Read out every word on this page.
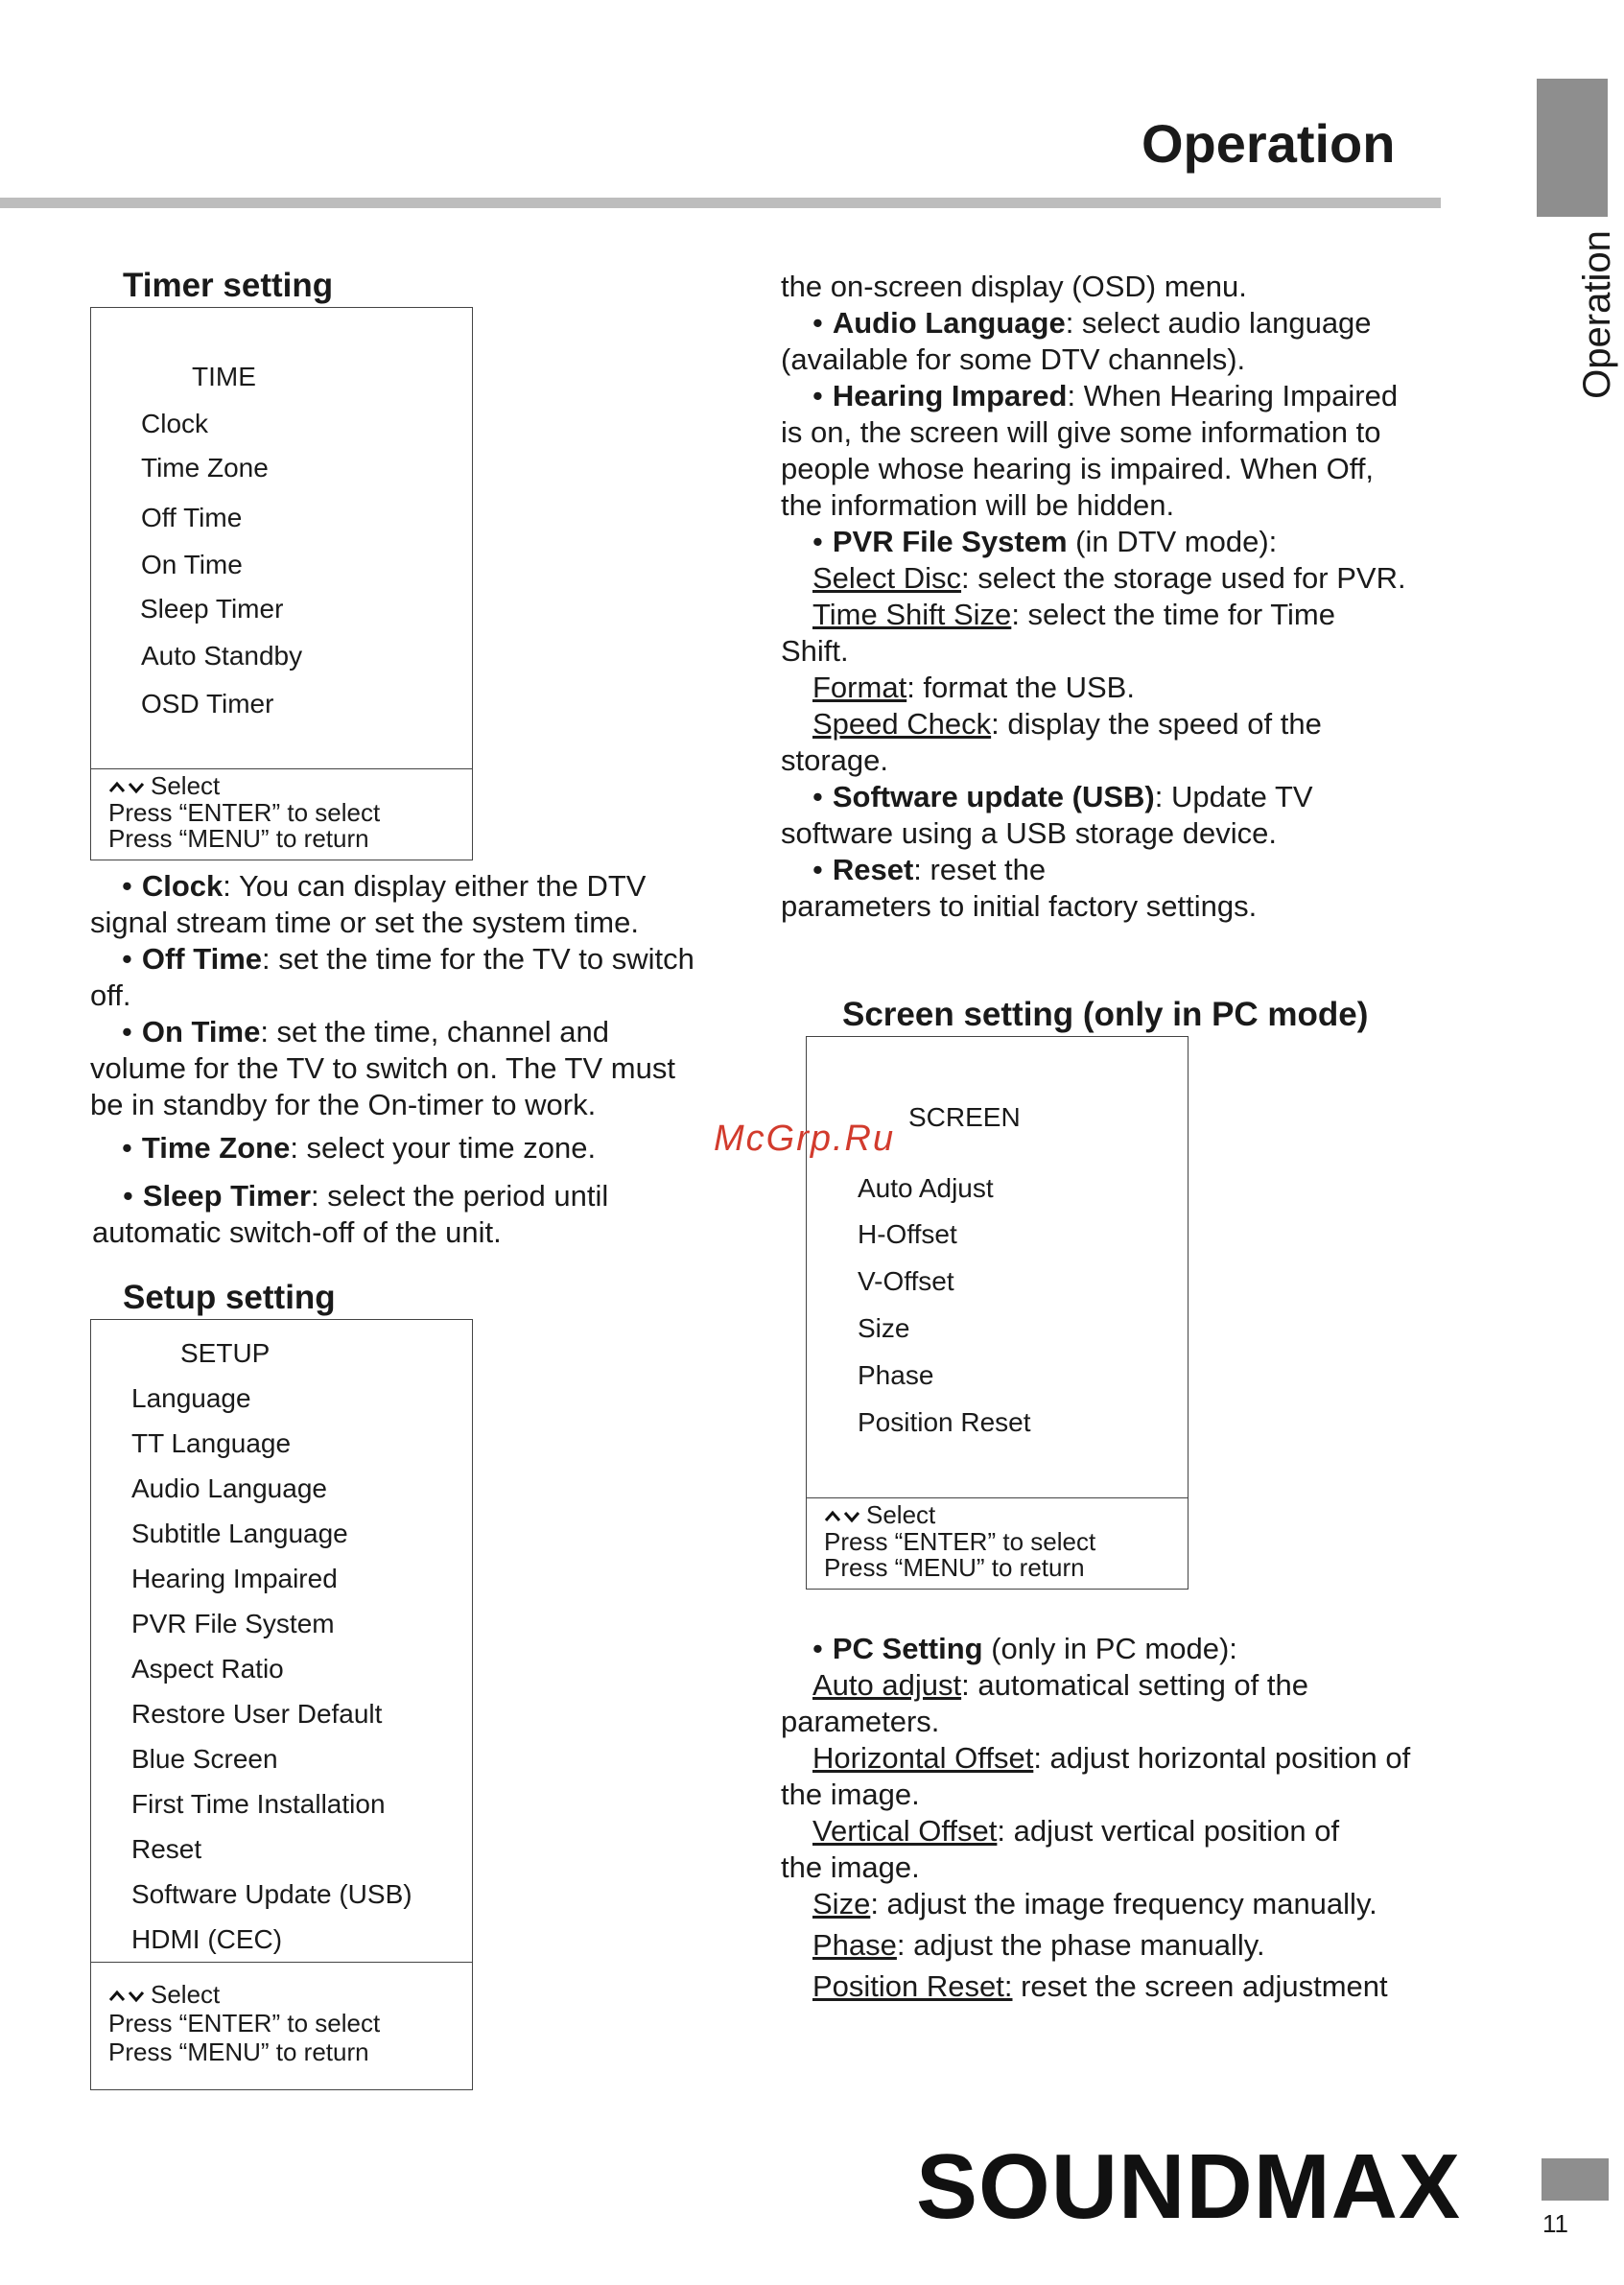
Operation
Operation
Timer setting
TIME
Clock
Time Zone
Off Time
On Time
Sleep Timer
Auto Standby
OSD Timer
Select
Press “ENTER” to select
Press “MENU” to return

• Clock: You can display either the DTV

signal stream time or set the system time.

• Off Time: set the time for the TV to switch

off.

• On Time: set the time, channel and

volume for the TV to switch on. The TV must

be in standby for the On-timer to work.

• Time Zone: select your time zone.

• Sleep Timer: select the period until

automatic switch-off of the unit.

Setup setting
SETUP
Language
TT Language
Audio Language
Subtitle Language
Hearing Impaired
PVR File System
Aspect Ratio
Restore User Default
Blue Screen
First Time Installation
Reset
Software Update (USB)
HDMI (CEC)
Select
Press “ENTER” to select
Press “MENU” to return

the on-screen display (OSD) menu.

• Audio Language: select audio language

(available for some DTV channels).

• Hearing Impared: When Hearing Impaired

is on, the screen will give some information to

people whose hearing is impaired. When Off,

the information will be hidden.

• PVR File System (in DTV mode):

Select Disc: select the storage used for PVR.

Time Shift Size: select the time for Time

Shift.

Format: format the USB.

Speed Check: display the speed of the

storage.

• Software update (USB): Update TV

software using a USB storage device.

• Reset: reset the

parameters to initial factory settings.

Screen setting (only in PC mode)
SCREEN
Auto Adjust
H-Offset
V-Offset
Size
Phase
Position Reset
Select
Press “ENTER” to select
Press “MENU” to return

• PC Setting (only in PC mode):

Auto adjust: automatical setting of the

parameters.

Horizontal Offset: adjust horizontal position of

the image.

Vertical Offset: adjust vertical position of

the image.

Size: adjust the image frequency manually.

Phase: adjust the phase manually.

Position Reset: reset the screen adjustment

McGrp.Ru
SOUNDMAX	11
